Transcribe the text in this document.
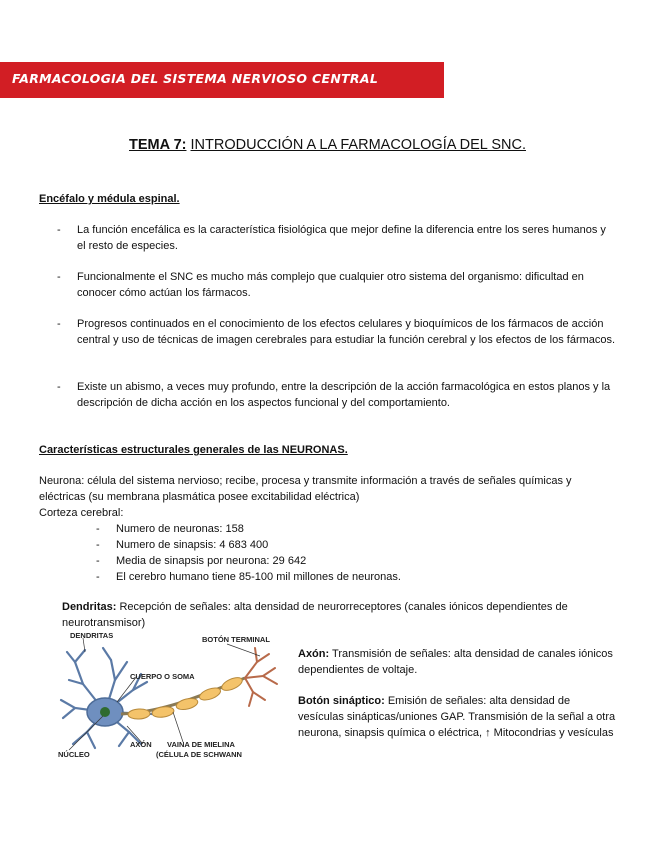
FARMACOLOGIA DEL SISTEMA NERVIOSO CENTRAL
TEMA 7: INTRODUCCIÓN A LA FARMACOLOGÍA DEL SNC.
Encéfalo y médula espinal.
- La función encefálica es la característica fisiológica que mejor define la diferencia entre los seres humanos y el resto de especies.
- Funcionalmente el SNC es mucho más complejo que cualquier otro sistema del organismo: dificultad en conocer cómo actúan los fármacos.
- Progresos continuados en el conocimiento de los efectos celulares y bioquímicos de los fármacos de acción central y uso de técnicas de imagen cerebrales para estudiar la función cerebral y los efectos de los fármacos.
- Existe un abismo, a veces muy profundo, entre la descripción de la acción farmacológica en estos planos y la descripción de dicha acción en los aspectos funcional y del comportamiento.
Características estructurales generales de las NEURONAS.
Neurona: célula del sistema nervioso; recibe, procesa y transmite información a través de señales químicas y eléctricas (su membrana plasmática posee excitabilidad eléctrica)
Corteza cerebral:
- Numero de neuronas: 158
- Numero de sinapsis: 4 683 400
- Media de sinapsis por neurona: 29 642
- El cerebro humano tiene 85-100 mil millones de neuronas.
Dendritas: Recepción de señales: alta densidad de neurorreceptores (canales iónicos dependientes de neurotransmisor)
DENDRITAS	BOTÓN TERMINAL
CUERPO O SOMA
AXÓN VAINA DE MIELINA
(CÉLULA DE SCHWANN
NÚCLEO
Axón: Transmisión de señales: alta densidad de canales iónicos dependientes de voltaje.
Botón sináptico: Emisión de señales: alta densidad de vesículas sinápticas/uniones GAP. Transmisión de la señal a otra neurona, sinapsis química o eléctrica, ↑ Mitocondrias y vesículas
